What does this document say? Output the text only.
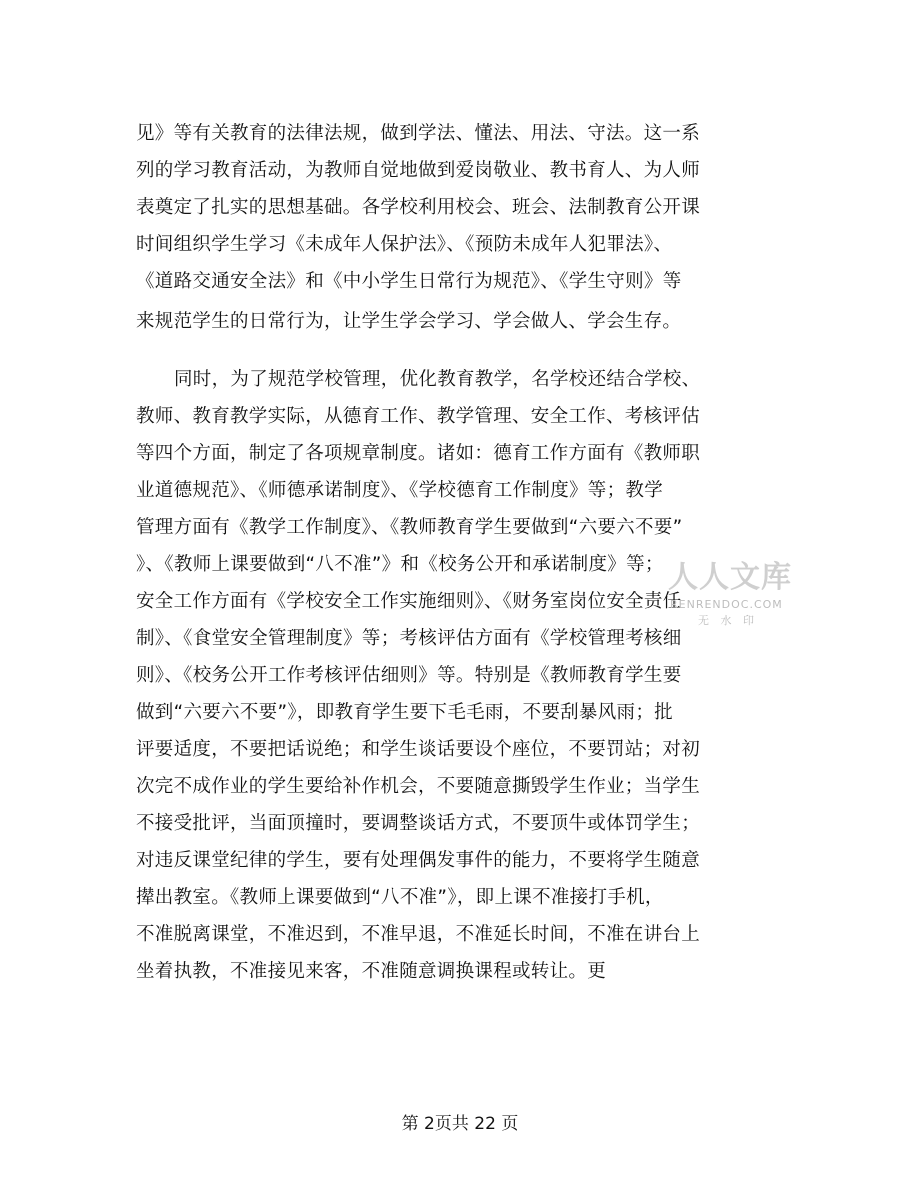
见》等有关教育的法律法规，做到学法、懂法、用法、守法。这一系
列的学习教育活动，为教师自觉地做到爱岗敬业、教书育人、为人师
表奠定了扎实的思想基础。各学校利用校会、班会、法制教育公开课
时间组织学生学习《未成年人保护法》、《预防未成年人犯罪法》、
《道路交通安全法》和《中小学生日常行为规范》、《学生守则》等
来规范学生的日常行为，让学生学会学习、学会做人、学会生存。
同时，为了规范学校管理，优化教育教学，名学校还结合学校、
教师、教育教学实际，从德育工作、教学管理、安全工作、考核评估
等四个方面，制定了各项规章制度。诸如：德育工作方面有《教师职
业道德规范》、《师德承诺制度》、《学校德育工作制度》等；教学
管理方面有《教学工作制度》、《教师教育学生要做到“六要六不要”
》、《教师上课要做到“八不准”》和《校务公开和承诺制度》等；
安全工作方面有《学校安全工作实施细则》、《财务室岗位安全责任
制》、《食堂安全管理制度》等；考核评估方面有《学校管理考核细
则》、《校务公开工作考核评估细则》等。特别是《教师教育学生要
做到“六要六不要”》，即教育学生要下毛毛雨，不要刮暴风雨；批
评要适度，不要把话说绝；和学生谈话要设个座位，不要罚站；对初
次完不成作业的学生要给补作机会，不要随意撕毁学生作业；当学生
不接受批评，当面顶撞时，要调整谈话方式，不要顶牛或体罚学生；
对违反课堂纪律的学生，要有处理偶发事件的能力，不要将学生随意
撵出教室。《教师上课要做到“八不准”》，即上课不准接打手机，
不准脱离课堂，不准迟到，不准早退，不准延长时间，不准在讲台上
坐着执教，不准接见来客，不准随意调换课程或转让。更
人人文库
RENRENDOC.COM
无 水 印
第 2页共 22 页
